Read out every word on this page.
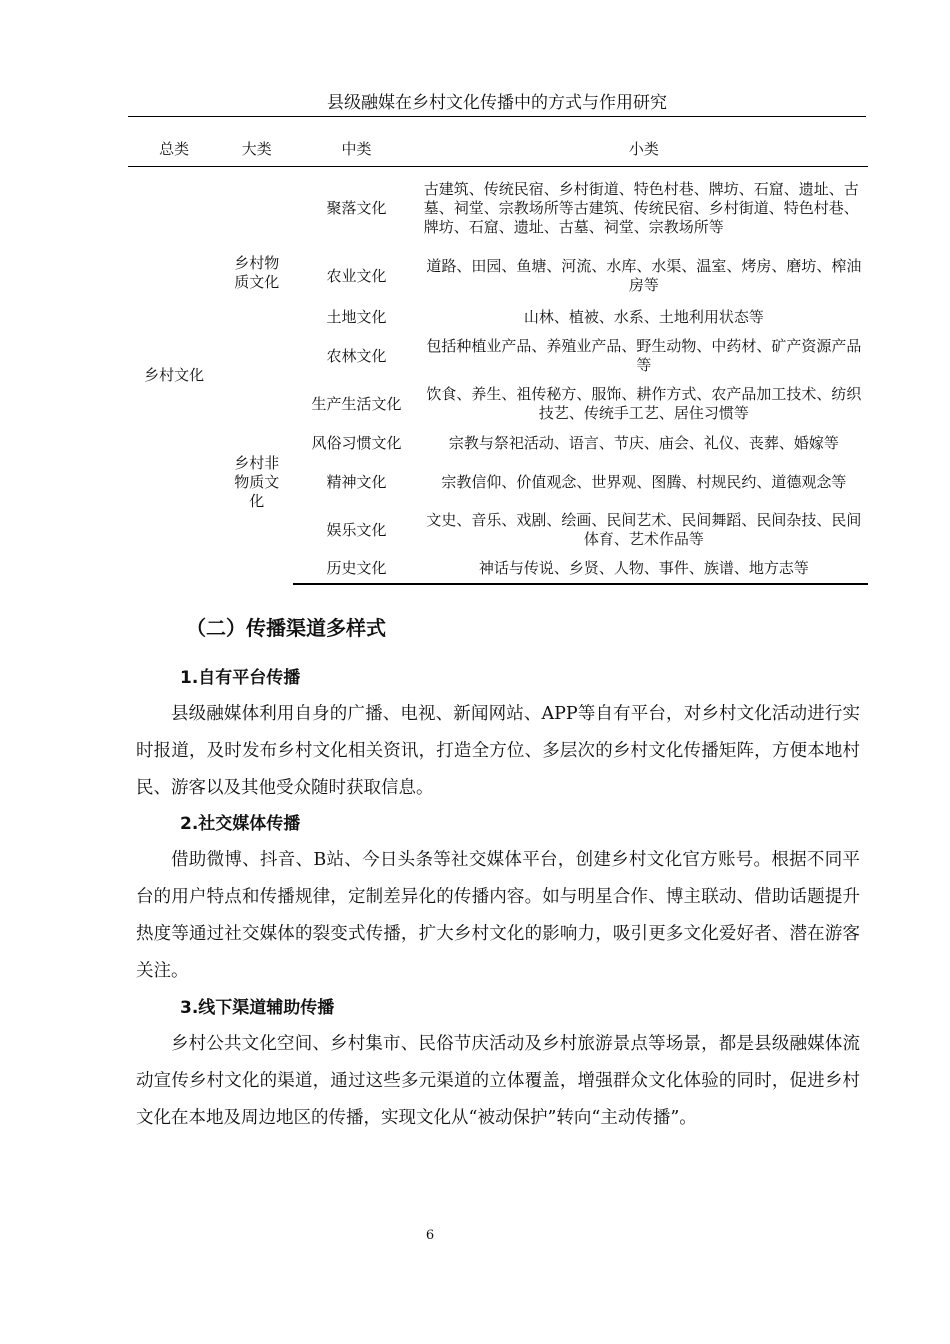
县级融媒在乡村文化传播中的方式与作用研究
总类	大类	中类	小类
乡村文化	乡村物质文化	聚落文化	古建筑、传统民宿、乡村街道、特色村巷、牌坊、石窟、遗址、古墓、祠堂、宗教场所等古建筑、传统民宿、乡村街道、特色村巷、牌坊、石窟、遗址、古墓、祠堂、宗教场所等
		农业文化	道路、田园、鱼塘、河流、水库、水渠、温室、烤房、磨坊、榨油房等
		土地文化	山林、植被、水系、土地利用状态等
		农林文化	包括种植业产品、养殖业产品、野生动物、中药材、矿产资源产品等

	乡村非物质文化	生产生活文化	饮食、养生、祖传秘方、服饰、耕作方式、农产品加工技术、纺织技艺、传统手工艺、居住习惯等
		风俗习惯文化	宗教与祭祀活动、语言、节庆、庙会、礼仪、丧葬、婚嫁等
		精神文化	宗教信仰、价值观念、世界观、图腾、村规民约、道德观念等
		娱乐文化	文史、音乐、戏剧、绘画、民间艺术、民间舞蹈、民间杂技、民间体育、艺术作品等
		历史文化	神话与传说、乡贤、人物、事件、族谱、地方志等
（二）传播渠道多样式
1.自有平台传播
县级融媒体利用自身的广播、电视、新闻网站、APP等自有平台，对乡村文化活动进行实时报道，及时发布乡村文化相关资讯，打造全方位、多层次的乡村文化传播矩阵，方便本地村民、游客以及其他受众随时获取信息。
2.社交媒体传播
借助微博、抖音、B站、今日头条等社交媒体平台，创建乡村文化官方账号。根据不同平台的用户特点和传播规律，定制差异化的传播内容。如与明星合作、博主联动、借助话题提升热度等通过社交媒体的裂变式传播，扩大乡村文化的影响力，吸引更多文化爱好者、潜在游客关注。
3.线下渠道辅助传播
乡村公共文化空间、乡村集市、民俗节庆活动及乡村旅游景点等场景，都是县级融媒体流动宣传乡村文化的渠道，通过这些多元渠道的立体覆盖，增强群众文化体验的同时，促进乡村文化在本地及周边地区的传播，实现文化从“被动保护”转向“主动传播”。
6
